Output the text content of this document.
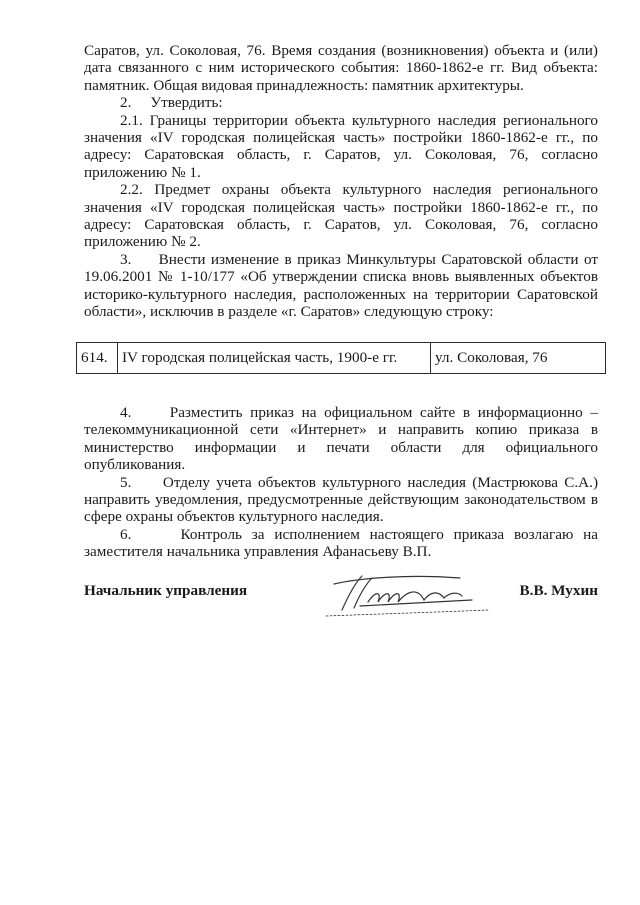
Саратов, ул. Соколовая, 76. Время создания (возникновения) объекта и (или) дата связанного с ним исторического события: 1860-1862-е гг. Вид объекта: памятник. Общая видовая принадлежность: памятник архитектуры.

2.     Утвердить:

2.1. Границы территории объекта культурного наследия регионального значения «IV городская полицейская часть» постройки 1860-1862-е гг., по адресу: Саратовская область, г. Саратов, ул. Соколовая, 76, согласно приложению № 1.

2.2. Предмет охраны объекта культурного наследия регионального значения «IV городская полицейская часть» постройки 1860-1862-е гг., по адресу: Саратовская область, г. Саратов, ул. Соколовая, 76, согласно приложению № 2.

3.     Внести изменение в приказ Минкультуры Саратовской области от 19.06.2001 № 1-10/177 «Об утверждении списка вновь выявленных объектов историко-культурного наследия, расположенных на территории Саратовской области», исключив в разделе «г. Саратов» следующую строку:

614.	IV городская полицейская часть, 1900-е гг.	ул. Соколовая, 76

4.     Разместить приказ на официальном сайте в информационно – телекоммуникационной сети «Интернет» и направить копию приказа в министерство информации и печати области для официального опубликования.

5.     Отделу учета объектов культурного наследия (Мастрюкова С.А.) направить уведомления, предусмотренные действующим законодательством в сфере охраны объектов культурного наследия.

6.     Контроль за исполнением настоящего приказа возлагаю на заместителя начальника управления Афанасьеву В.П.

Начальник управления	В.В. Мухин
